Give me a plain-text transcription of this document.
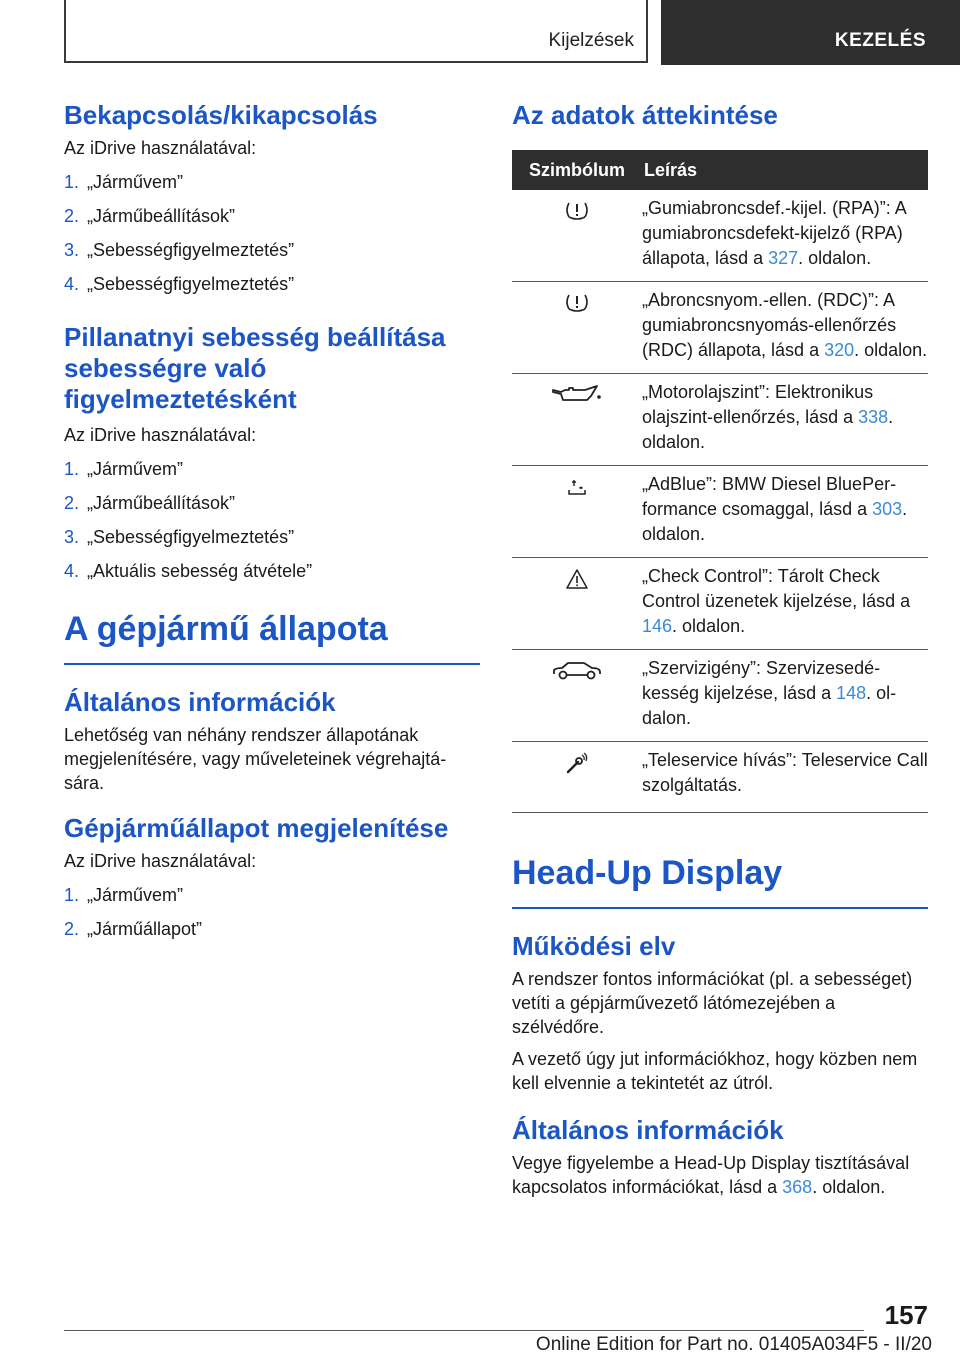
Kijelzések	KEZELÉS
Bekapcsolás/kikapcsolás

Az iDrive használatával:

1. „Járművem”
2. „Járműbeállítások”
3. „Sebességfigyelmeztetés”
4. „Sebességfigyelmeztetés”
Pillanatnyi sebesség beállítása sebességre való figyelmeztetésként

Az iDrive használatával:

1. „Járművem”
2. „Járműbeállítások”
3. „Sebességfigyelmeztetés”
4. „Aktuális sebesség átvétele”
A gépjármű állapota
Általános információk

Lehetőség van néhány rendszer állapotának megjelenítésére, vagy műveleteinek végrehajtására.

Gépjárműállapot megjelenítése

Az iDrive használatával:

1. „Járművem”
2. „Járműállapot”
Az adatok áttekintése
Szimbólum	Leírás
„Gumiabroncsdef.-kijel. (RPA)”: A gumiabroncsdefekt-kijelző (RPA) állapota, lásd a 327. oldalon.
„Abroncsnyom.-ellen. (RDC)”: A gumiabroncsnyomás-ellenőrzés (RDC) állapota, lásd a 320. oldalon.
„Motorolajszint”: Elektronikus olajszint-ellenőrzés, lásd a 338. oldalon.
„AdBlue”: BMW Diesel BluePerformance csomaggal, lásd a 303. oldalon.
„Check Control”: Tárolt Check Control üzenetek kijelzése, lásd a 146. oldalon.
„Szervizigény”: Szervizesedékesség kijelzése, lásd a 148. oldalon.
„Teleservice hívás”: Teleservice Call szolgáltatás.
Head-Up Display
Működési elv

A rendszer fontos információkat (pl. a sebességet) vetíti a gépjárművezető látómezejében a szélvédőre.

A vezető úgy jut információkhoz, hogy közben nem kell elvennie a tekintetét az útról.

Általános információk

Vegye figyelembe a Head-Up Display tisztításával kapcsolatos információkat, lásd a 368. oldalon.

157
Online Edition for Part no. 01405A034F5 - II/20
